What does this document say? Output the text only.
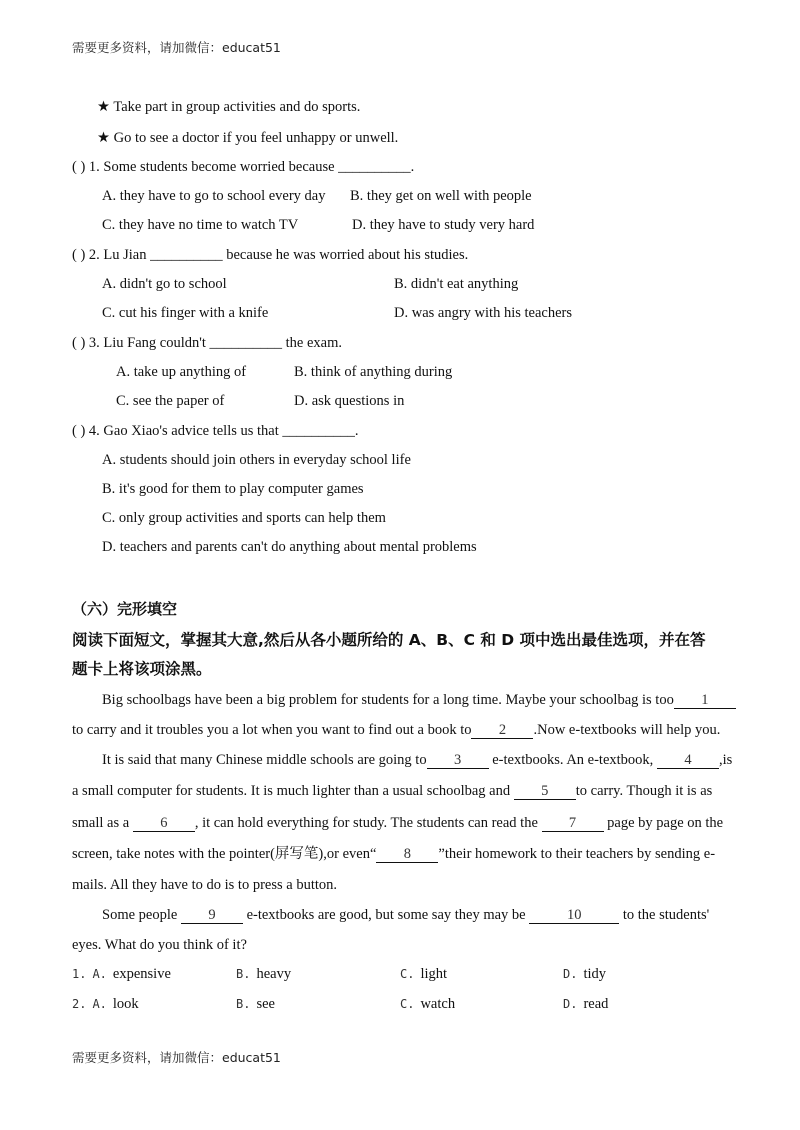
需要更多资料，请加微信：educat51
★ Take part in group activities and do sports.
★ Go to see a doctor if you feel unhappy or unwell.
( ) 1. Some students become worried because __________.
A. they have to go to school every day B. they get on well with people
C. they have no time to watch TV	D. they have to study very hard
( ) 2. Lu Jian __________ because he was worried about his studies.
A. didn't go to school	B. didn't eat anything
C. cut his finger with a knife	D. was angry with his teachers
( ) 3. Liu Fang couldn't __________ the exam.
A. take up anything of	B. think of anything during
C. see the paper of	D. ask questions in
( ) 4. Gao Xiao's advice tells us that __________.
A. students should join others in everyday school life
B. it's good for them to play computer games
C. only group activities and sports can help them
D. teachers and parents can't do anything about mental problems
（六）完形填空
阅读下面短文，掌握其大意,然后从各小题所给的 A、B、C 和 D 项中选出最佳选项，并在答
题卡上将该项涂黑。
Big schoolbags have been a big problem for students for a long time. Maybe your schoolbag is too 1
to carry and it troubles you a lot when you want to find out a book to 2 .Now e-textbooks will help you.
It is said that many Chinese middle schools are going to 3 e-textbooks. An e-textbook, 4 ,is
a small computer for students. It is much lighter than a usual schoolbag and 5 to carry. Though it is as
small as a 6 , it can hold everything for study. The students can read the 7 page by page on the
screen, take notes with the pointer(屏写笔),or even“ 8 ”their homework to their teachers by sending e-
mails. All they have to do is to press a button.
Some people 9 e-textbooks are good, but some say they may be	10	to the students'
eyes. What do you think of it?
1. A. expensive	B. heavy	C. light	D. tidy
2. A. look	B. see	C. watch	D. read
需要更多资料，请加微信：educat51
